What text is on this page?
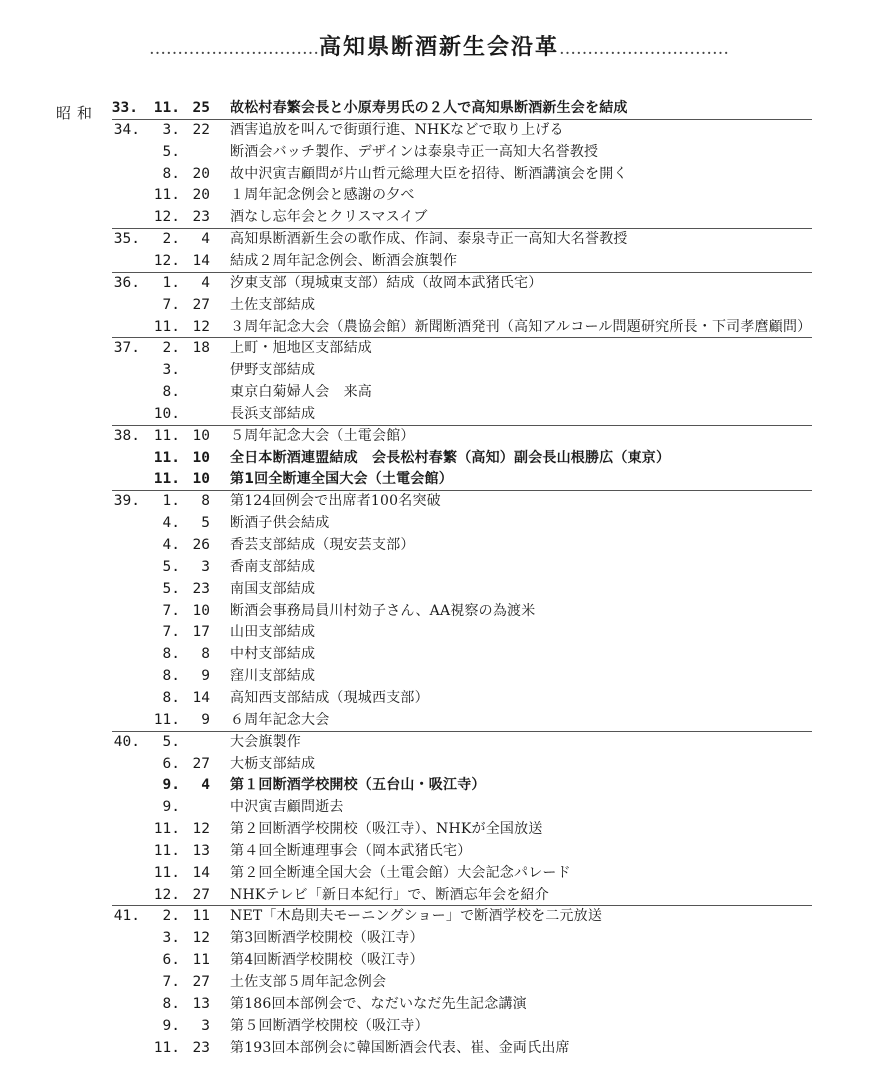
…………………………高知県断酒新生会沿革…………………………
昭和 33.	11. 25 故松村春繁会長と小原寿男氏の２人で高知県断酒新生会を結成
34.	3. 22 酒害追放を叫んで街頭行進、NHKなどで取り上げる
5.	断酒会バッチ製作、デザインは泰泉寺正一高知大名誉教授
8. 20 故中沢寅吉顧問が片山哲元総理大臣を招待、断酒講演会を開く
11. 20 １周年記念例会と感謝の夕べ
12. 23 酒なし忘年会とクリスマスイブ
35.	2.	4 高知県断酒新生会の歌作成、作詞、泰泉寺正一高知大名誉教授
12. 14 結成２周年記念例会、断酒会旗製作
36.	1.	4 汐東支部（現城東支部）結成（故岡本武猪氏宅）
7. 27 土佐支部結成
11. 12 ３周年記念大会（農協会館）新聞断酒発刊（高知アルコール問題研究所長・下司孝麿顧問）
37.	2. 18 上町・旭地区支部結成
3.	伊野支部結成
8.	東京白菊婦人会　来高
10.	長浜支部結成
38. 11. 10 ５周年記念大会（土電会館）
11. 10 全日本断酒連盟結成　会長松村春繁（高知）副会長山根勝広（東京）
11. 10 第1回全断連全国大会（土電会館）
39.	1.	8 第124回例会で出席者100名突破
4.	5 断酒子供会結成
4. 26 香芸支部結成（現安芸支部）
5.	3 香南支部結成
5. 23 南国支部結成
7. 10 断酒会事務局員川村効子さん、AA視察の為渡米
7. 17 山田支部結成
8.	8 中村支部結成
8.	9 窪川支部結成
8. 14 高知西支部結成（現城西支部）
11.	9 ６周年記念大会
40.	5.	大会旗製作
6. 27 大栃支部結成
9.	4 第１回断酒学校開校（五台山・吸江寺）
9.	中沢寅吉顧問逝去
11. 12 第２回断酒学校開校（吸江寺）、NHKが全国放送
11. 13 第４回全断連理事会（岡本武猪氏宅）
11. 14 第２回全断連全国大会（土電会館）大会記念パレード
12. 27 NHKテレビ「新日本紀行」で、断酒忘年会を紹介
41.	2. 11 NET「木島則夫モーニングショー」で断酒学校を二元放送
3. 12 第3回断酒学校開校（吸江寺）
6. 11 第4回断酒学校開校（吸江寺）
7. 27 土佐支部５周年記念例会
8. 13 第186回本部例会で、なだいなだ先生記念講演
9.	3 第５回断酒学校開校（吸江寺）
11. 23 第193回本部例会に韓国断酒会代表、崔、金両氏出席
